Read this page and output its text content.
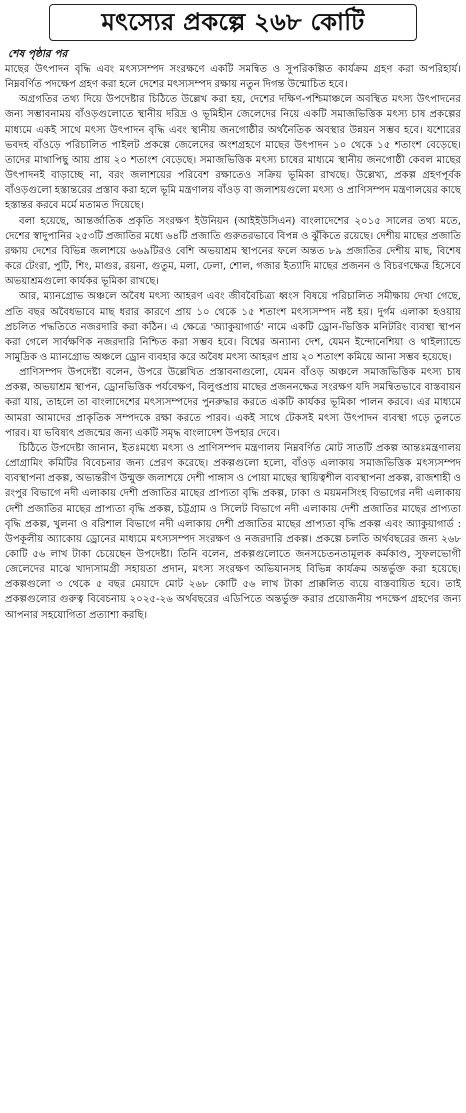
মৎস্যের প্রকল্পে ২৬৮ কোটি
শেষ পৃষ্ঠার পর

মাছের উৎপাদন বৃদ্ধি এবং মৎস্যসম্পদ সংরক্ষণে একটি সমন্বিত ও সুপরিকল্পিত কার্যক্রম গ্রহণ করা অপরিহার্য। নিম্নবর্ণিত পদক্ষেপ গ্রহণ করা হলে দেশের মৎস্যসম্পদ রক্ষায় নতুন দিগন্ত উন্মোচিত হবে।

অগ্রগতির তথ্য দিয়ে উপদেষ্টার চিঠিতে উল্লেখ করা হয়, দেশের দক্ষিণ-পশ্চিমাঞ্চলে অবস্থিত মৎস্য উৎপাদনের জন্য সম্ভাবনাময় বাঁওড়গুলোতে স্থানীয় দরিদ্র ও ভূমিহীন জেলেদের নিয়ে একটি সমাজভিত্তিক মৎস্য চাষ প্রকল্পের মাধ্যমে একই সাথে মৎস্য উৎপাদন বৃদ্ধি এবং স্থানীয় জনগোষ্ঠীর অর্থনৈতিক অবস্থার উন্নয়ন সম্ভব হবে। যশোরের ভবদহ বাঁওড়ে পরিচালিত পাইলট প্রকল্পে জেলেদের অংশগ্রহণে মাছের উৎপাদন ১০ থেকে ১৫ শতাংশ বেড়েছে। তাদের মাথাপিছু আয় প্রায় ২০ শতাংশ বেড়েছে। সমাজভিত্তিক মৎস্য চাষের মাধ্যমে স্থানীয় জনগোষ্ঠী কেবল মাছের উৎপাদনই বাড়াচ্ছে না, বরং জলাশয়ের পরিবেশ রক্ষাতেও সক্রিয় ভূমিকা রাখছে। উল্লেখ্য, প্রকল্প গ্রহণপূর্বক বাঁওড়গুলো হস্তান্তরের প্রস্তাব করা হলে ভূমি মন্ত্রণালয় বাঁওড় বা জলাশয়গুলো মৎস্য ও প্রাণিসম্পদ মন্ত্রণালয়ের কাছে হস্তান্তর করবে মর্মে মতামত দিয়েছে।

বলা হয়েছে, আন্তর্জাতিক প্রকৃতি সংরক্ষণ ইউনিয়ন (আইইউসিএন) বাংলাদেশের ২০১৫ সালের তথ্য মতে, দেশের স্বাদুপানির ২৫৩টি প্রজাতির মধ্যে ৬৪টি প্রজাতি গুরুতরভাবে বিপন্ন ও ঝুঁকিতে রয়েছে। দেশীয় মাছের প্রজাতি রক্ষায় দেশের বিভিন্ন জলাশয়ে ৬৬৯টিরও বেশি অভয়াশ্রম স্থাপনের ফলে অন্তত ৮৯ প্রজাতির দেশীয় মাছ, বিশেষ করে টেংরা, পুটি, শিং, মাগুর, রয়না, গুতুম, মলা, ঢেলা, শোল, গজার ইত্যাদি মাছের প্রজনন ও বিচরণক্ষেত্র হিসেবে অভয়াশ্রমগুলো কার্যকর ভূমিকা রাখছে।

আর, ম্যানগ্রোভ অঞ্চলে অবৈধ মৎস্য আহরণ এবং জীববৈচিত্র্য ধ্বংস বিষয়ে পরিচালিত সমীক্ষায় দেখা গেছে, প্রতি বছর অবৈধভাবে মাছ ধরার কারণে প্রায় ১০ থেকে ১৫ শতাংশ মৎস্যসম্পদ নষ্ট হয়। দুর্গম এলাকা হওয়ায় প্রচলিত পদ্ধতিতে নজরদারি করা কঠিন। এ ক্ষেত্রে 'অ্যাকুয়াগার্ড' নামে একটি ড্রোন-ভিত্তিক মনিটরিং ব্যবস্থা স্থাপন করা গেলে সার্বক্ষণিক নজরদারি নিশ্চিত করা সম্ভব হবে। বিশ্বের অন্যান্য দেশ, যেমন ইন্দোনেশিয়া ও থাইল্যান্ডে সামুদ্রিক ও ম্যানগ্রোভ অঞ্চলে ড্রোন ব্যবহার করে অবৈধ মৎস্য আহরণ প্রায় ২০ শতাংশ কমিয়ে আনা সম্ভব হয়েছে।

প্রাণিসম্পদ উপদেষ্টা বলেন, উপরে উল্লেখিত প্রস্তাবনাগুলো, যেমন বাঁওড় অঞ্চলে সমাজভিত্তিক মৎস্য চাষ প্রকল্প, অভয়াশ্রম স্থাপন, ড্রোনভিত্তিক পর্যবেক্ষণ, বিলুপ্তপ্রায় মাছের প্রজননক্ষেত্র সংরক্ষণ যদি সমন্বিতভাবে বাস্তবায়ন করা যায়, তাহলে তা বাংলাদেশের মৎস্যসম্পদের পুনরুদ্ধার করতে একটি কার্যকর ভূমিকা পালন করবে। এর মাধ্যমে আমরা আমাদের প্রাকৃতিক সম্পদকে রক্ষা করতে পারব। একই সাথে টেকসই মৎস্য উৎপাদন ব্যবস্থা গড়ে তুলতে পারব। যা ভবিষ্যৎ প্রজন্মের জন্য একটি সমৃদ্ধ বাংলাদেশ উপহার দেবে।

চিঠিতে উপদেষ্টা জানান, ইতঃমধ্যে মৎস্য ও প্রাণিসম্পদ মন্ত্রণালয় নিম্নবর্ণিত মোট সাতটি প্রকল্প আন্তঃমন্ত্রণালয় প্রোগ্রামিং কমিটির বিবেচনার জন্য প্রেরণ করেছে। প্রকল্পগুলো হলো, বাঁওড় এলাকায় সমাজভিত্তিক মৎস্যসম্পদ ব্যবস্থাপনা প্রকল্প, অভ্যন্তরীণ উন্মুক্ত জলাশয়ে দেশী পাঙ্গাস ও পোয়া মাছের স্থায়িত্বশীল ব্যবস্থাপনা প্রকল্প, রাজশাহী ও রংপুর বিভাগে নদী এলাকায় দেশী প্রজাতির মাছের প্রাপ্যতা বৃদ্ধি প্রকল্প, ঢাকা ও ময়মনসিংহ বিভাগের নদী এলাকায় দেশী প্রজাতির মাছের প্রাপ্যতা বৃদ্ধি প্রকল্প, চট্টগ্রাম ও সিলেট বিভাগে নদী এলাকায় দেশী প্রজাতির মাছের প্রাপ্যতা বৃদ্ধি প্রকল্প, খুলনা ও বরিশাল বিভাগে নদী এলাকায় দেশী প্রজাতির মাছের প্রাপ্যতা বৃদ্ধি প্রকল্প এবং অ্যাকুয়াগার্ড : উপকূলীয় অ্যাকোয় ড্রোনের মাধ্যমে মৎস্যসম্পদ সংরক্ষণ ও নজরদারি প্রকল্প। প্রকল্পে চলতি অর্থবছরের জন্য ২৬৮ কোটি ৫৬ লাখ টাকা চেয়েছেন উপদেষ্টা। তিনি বলেন, প্রকল্পগুলোতে জনসচেতনতামূলক কর্মকাণ্ড, সুফলভোগী জেলেদের মাঝে খাদ্যসামগ্রী সহায়তা প্রদান, মৎস্য সংরক্ষণ অভিযানসহ বিভিন্ন কার্যক্রম অন্তর্ভুক্ত করা হয়েছে। প্রকল্পগুলো ৩ থেকে ৫ বছর মেয়াদে মোট ২৬৮ কোটি ৫৬ লাখ টাকা প্রাক্কলিত ব্যয়ে বাস্তবায়িত হবে। তাই প্রকল্পগুলোর গুরুত্ব বিবেচনায় ২০২৫-২৬ অর্থবছরের এডিপিতে অন্তর্ভুক্ত করার প্রয়োজনীয় পদক্ষেপ গ্রহণের জন্য আপনার সহযোগিতা প্রত্যাশা করছি।
